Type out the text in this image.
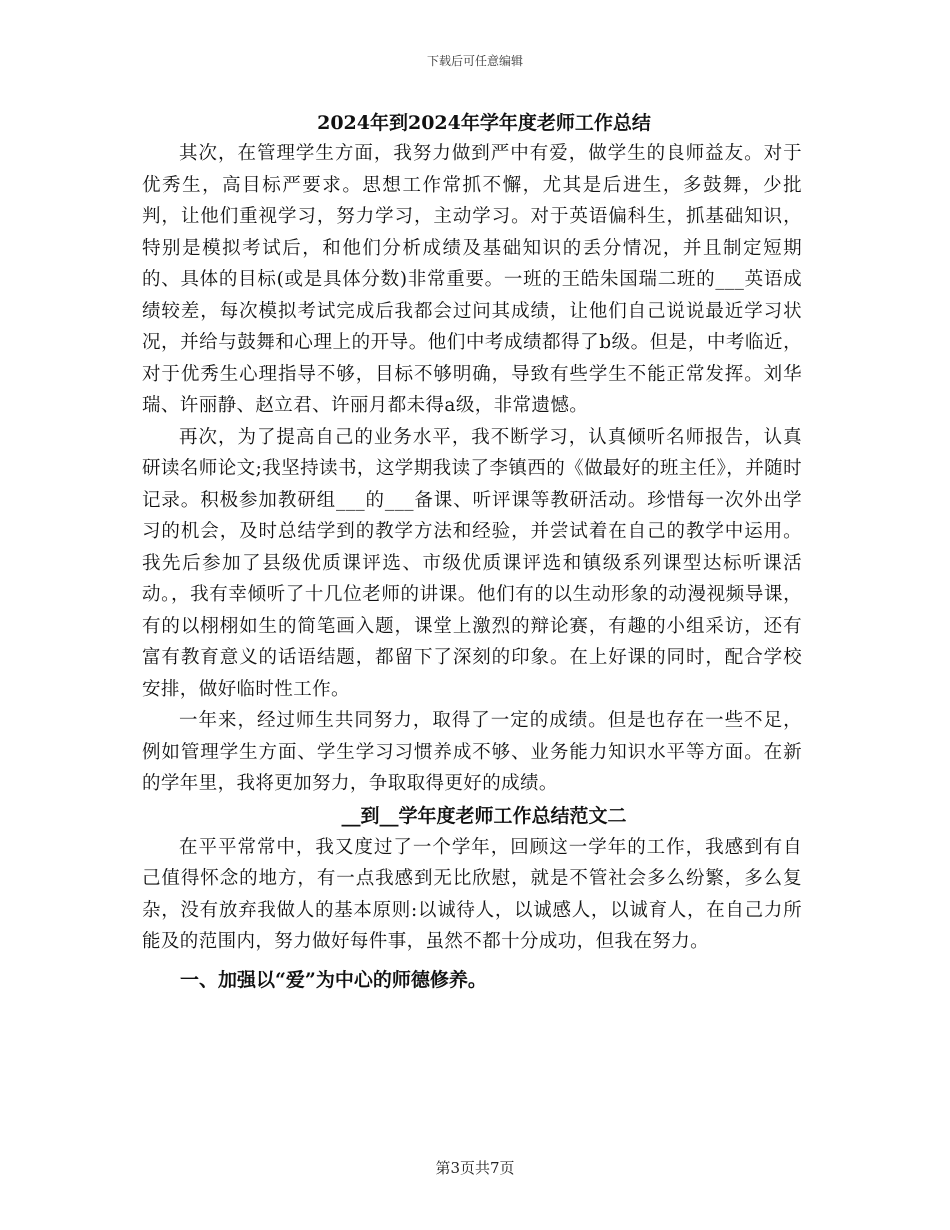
下载后可任意编辑
2024年到2024年学年度老师工作总结

其次，在管理学生方面，我努力做到严中有爱，做学生的良师益友。对于优秀生，高目标严要求。思想工作常抓不懈，尤其是后进生，多鼓舞，少批判，让他们重视学习，努力学习，主动学习。对于英语偏科生，抓基础知识，特别是模拟考试后，和他们分析成绩及基础知识的丢分情况，并且制定短期的、具体的目标(或是具体分数)非常重要。一班的王皓朱国瑞二班的___英语成绩较差，每次模拟考试完成后我都会过问其成绩，让他们自己说说最近学习状况，并给与鼓舞和心理上的开导。他们中考成绩都得了b级。但是，中考临近，对于优秀生心理指导不够，目标不够明确，导致有些学生不能正常发挥。刘华瑞、许丽静、赵立君、许丽月都未得a级，非常遗憾。

再次，为了提高自己的业务水平，我不断学习，认真倾听名师报告，认真研读名师论文;我坚持读书，这学期我读了李镇西的《做最好的班主任》，并随时记录。积极参加教研组___的___备课、听评课等教研活动。珍惜每一次外出学习的机会，及时总结学到的教学方法和经验，并尝试着在自己的教学中运用。我先后参加了县级优质课评选、市级优质课评选和镇级系列课型达标听课活动。，我有幸倾听了十几位老师的讲课。他们有的以生动形象的动漫视频导课，有的以栩栩如生的简笔画入题，课堂上激烈的辩论赛，有趣的小组采访，还有富有教育意义的话语结题，都留下了深刻的印象。在上好课的同时，配合学校安排，做好临时性工作。

一年来，经过师生共同努力，取得了一定的成绩。但是也存在一些不足，例如管理学生方面、学生学习习惯养成不够、业务能力知识水平等方面。在新的学年里，我将更加努力，争取取得更好的成绩。

__到__学年度老师工作总结范文二

在平平常常中，我又度过了一个学年，回顾这一学年的工作，我感到有自己值得怀念的地方，有一点我感到无比欣慰，就是不管社会多么纷繁，多么复杂，没有放弃我做人的基本原则:以诚待人，以诚感人，以诚育人，在自己力所能及的范围内，努力做好每件事，虽然不都十分成功，但我在努力。

一、加强以“爱”为中心的师德修养。
第3页共7页
